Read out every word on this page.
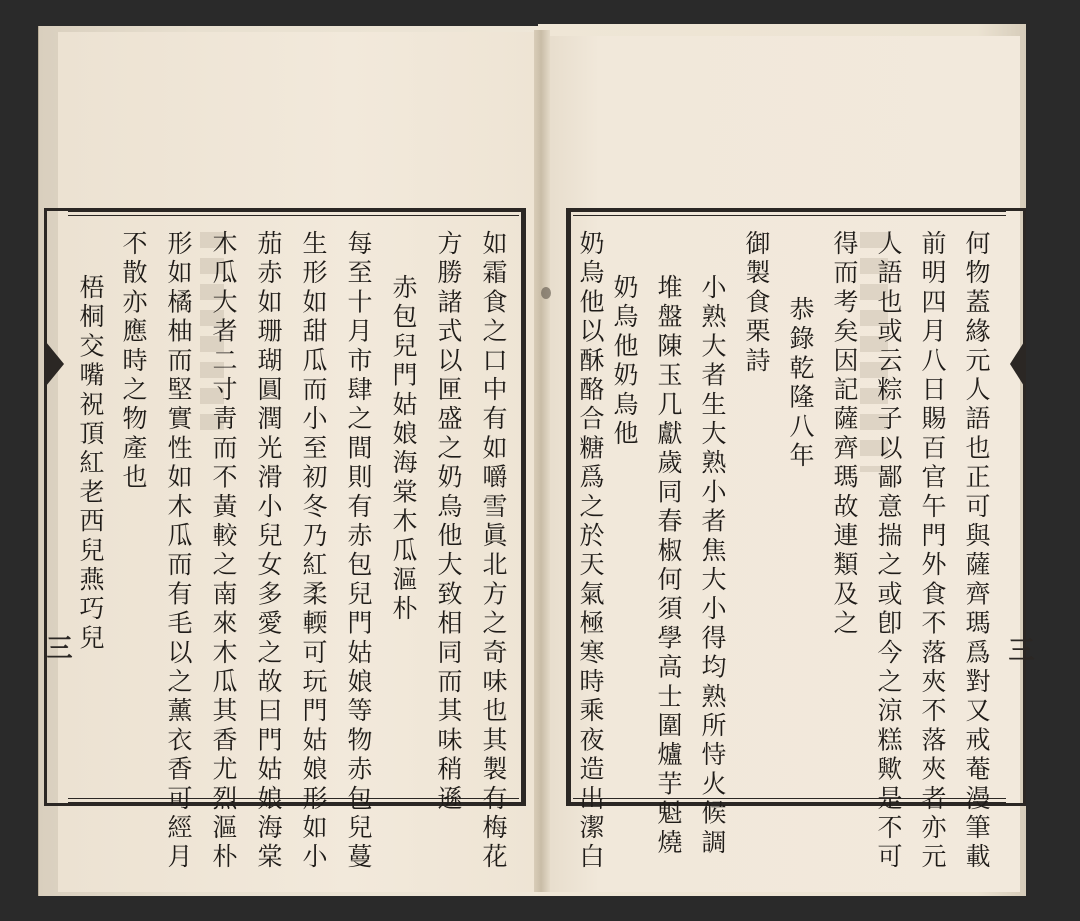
三	三
如霜食之口中有如嚼雪眞北方之奇味也其製有梅花
方勝諸式以匣盛之奶烏他大致相同而其味稍遜
赤包兒門姑娘海棠木瓜漚朴
每至十月市肆之間則有赤包兒門姑娘等物赤包兒蔓
生形如甜瓜而小至初冬乃紅柔輭可玩門姑娘形如小
茄赤如珊瑚圓潤光滑小兒女多愛之故曰門姑娘海棠
木瓜大者二寸靑而不黃較之南來木瓜其香尤烈漚朴
形如橘柚而堅實性如木瓜而有毛以之薰衣香可經月
不散亦應時之物產也
梧桐交嘴祝頂紅老西兒燕巧兒	何物蓋緣元人語也正可與薩齊瑪爲對又戒菴漫筆載
前明四月八日賜百官午門外食不落夾不落夾者亦元
人語也或云粽子以鄙意揣之或卽今之涼糕歟是不可
得而考矣因記薩齊瑪故連類及之
恭錄乾隆八年
御製食栗詩
小熟大者生大熟小者焦大小得均熟所恃火候調
堆盤陳玉几獻歲同春椒何須學高士圍爐芋魁燒
奶烏他奶烏他
奶烏他以酥酪合糖爲之於天氣極寒時乘夜造出潔白
